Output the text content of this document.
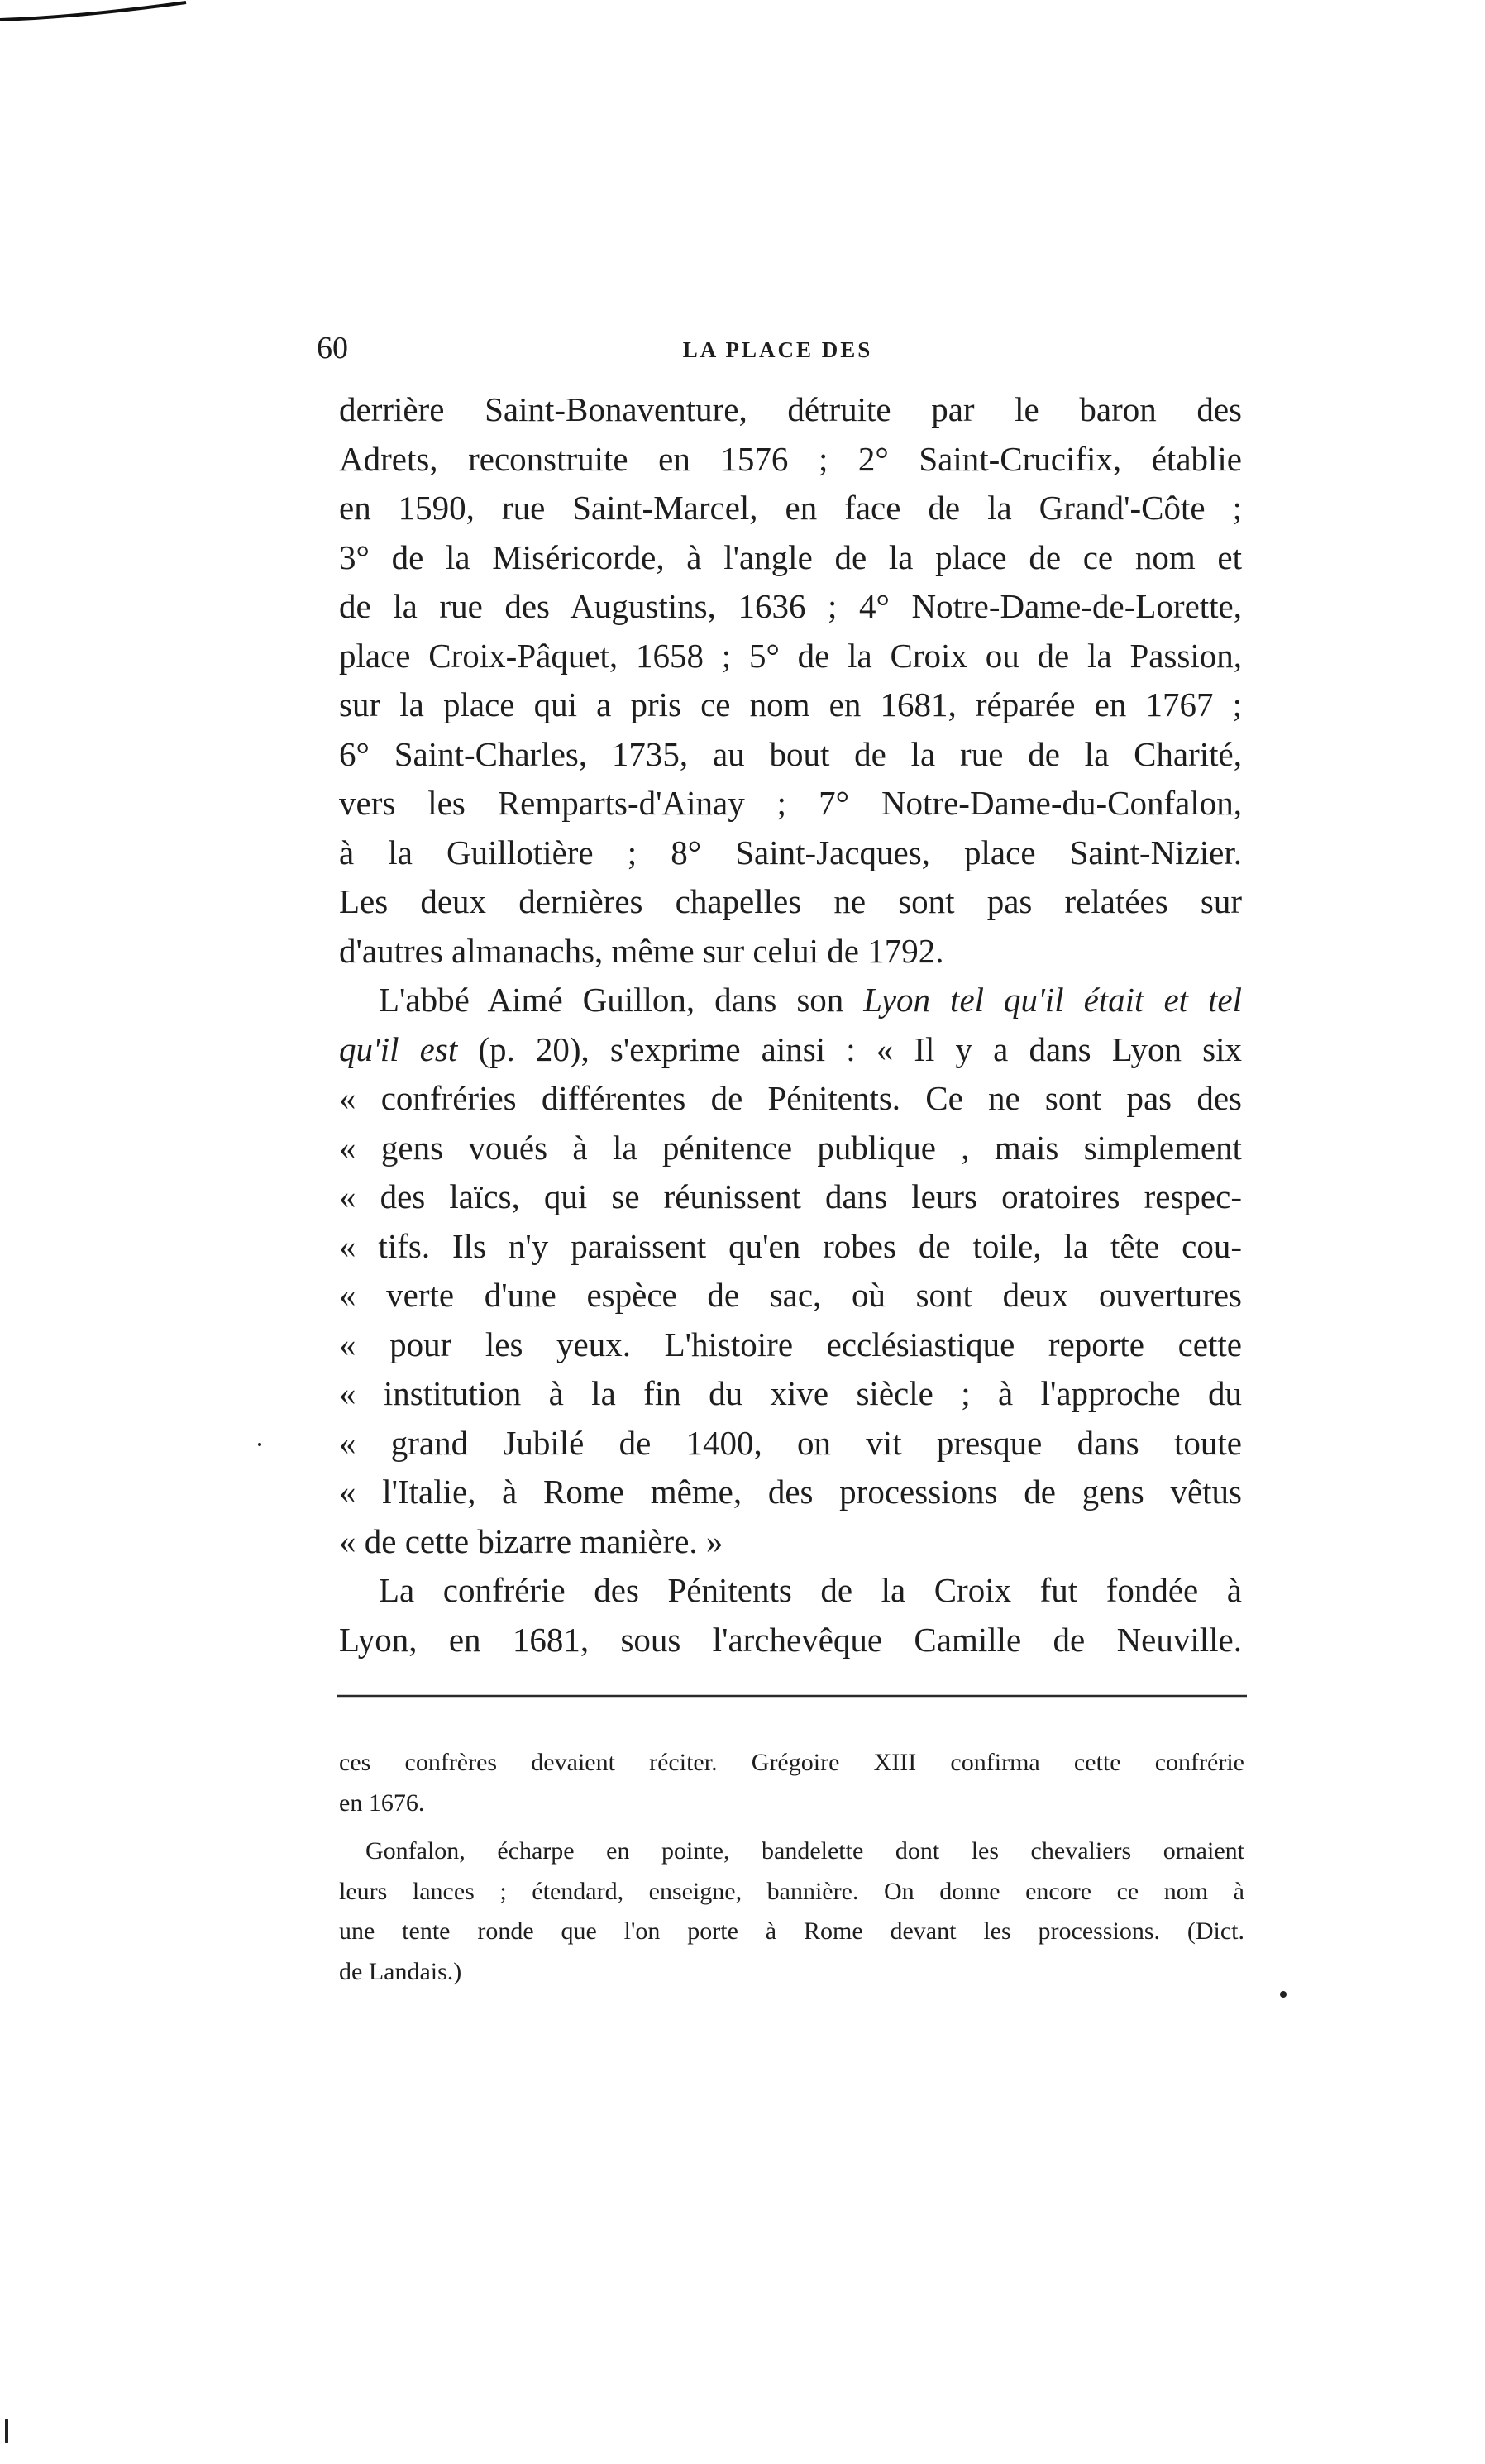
60	LA PLACE DES
derrière Saint-Bonaventure, détruite par le baron des
Adrets, reconstruite en 1576 ; 2° Saint-Crucifix, établie
en 1590, rue Saint-Marcel, en face de la Grand'-Côte ;
3° de la Miséricorde, à l'angle de la place de ce nom et
de la rue des Augustins, 1636 ; 4° Notre-Dame-de-Lorette,
place Croix-Pâquet, 1658 ; 5° de la Croix ou de la Passion,
sur la place qui a pris ce nom en 1681, réparée en 1767 ;
6° Saint-Charles, 1735, au bout de la rue de la Charité,
vers les Remparts-d'Ainay ; 7° Notre-Dame-du-Confalon,
à la Guillotière ; 8° Saint-Jacques, place Saint-Nizier.
Les deux dernières chapelles ne sont pas relatées sur
d'autres almanachs, même sur celui de 1792.
L'abbé Aimé Guillon, dans son Lyon tel qu'il était et tel
qu'il est (p. 20), s'exprime ainsi : « Il y a dans Lyon six
« confréries différentes de Pénitents. Ce ne sont pas des
« gens voués à la pénitence publique , mais simplement
« des laïcs, qui se réunissent dans leurs oratoires respec-
« tifs. Ils n'y paraissent qu'en robes de toile, la tête cou-
« verte d'une espèce de sac, où sont deux ouvertures
« pour les yeux. L'histoire ecclésiastique reporte cette
« institution à la fin du xive siècle ; à l'approche du
« grand Jubilé de 1400, on vit presque dans toute
« l'Italie, à Rome même, des processions de gens vêtus
« de cette bizarre manière. »
La confrérie des Pénitents de la Croix fut fondée à
Lyon, en 1681, sous l'archevêque Camille de Neuville.
ces confrères devaient réciter. Grégoire XIII confirma cette confrérie
en 1676.
Gonfalon, écharpe en pointe, bandelette dont les chevaliers ornaient
leurs lances ; étendard, enseigne, bannière. On donne encore ce nom à
une tente ronde que l'on porte à Rome devant les processions. (Dict.
de Landais.)
